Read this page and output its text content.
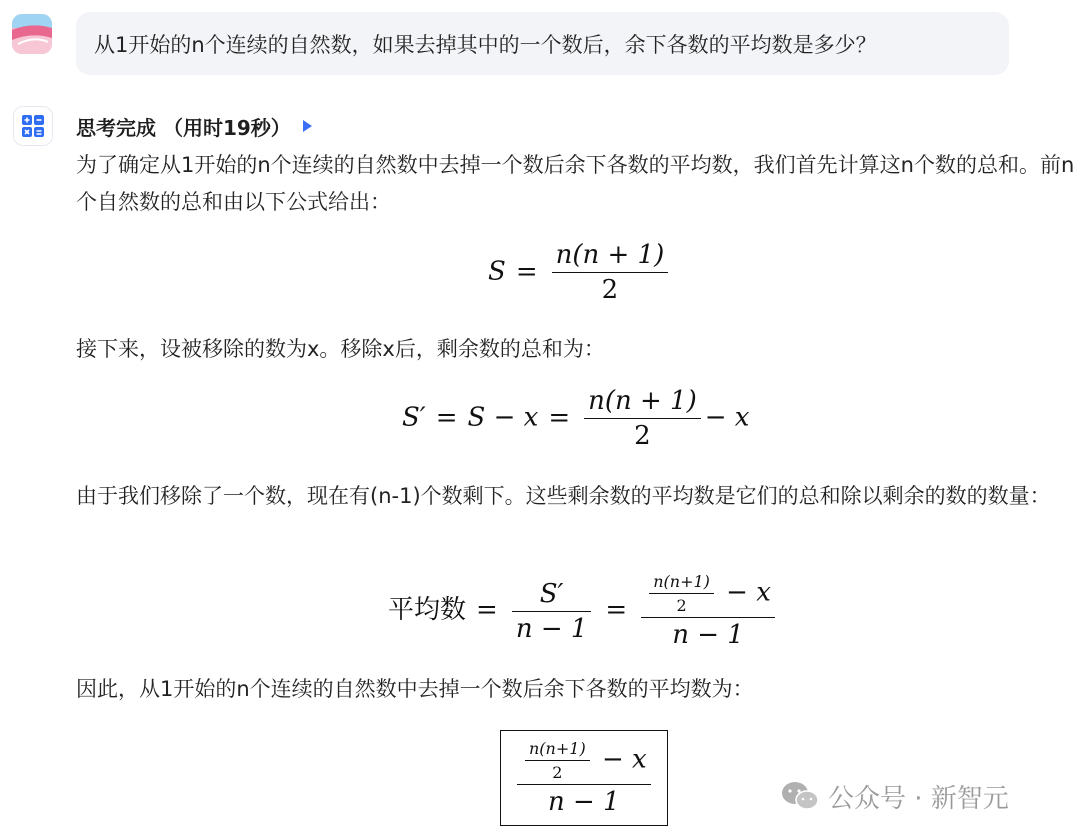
从1开始的n个连续的自然数，如果去掉其中的一个数后，余下各数的平均数是多少？
思考完成 （用时19秒）
为了确定从1开始的n个连续的自然数中去掉一个数后余下各数的平均数，我们首先计算这n个数的总和。前n个自然数的总和由以下公式给出：
$S = \frac{n(n + 1)}{2}$
接下来，设被移除的数为x。移除x后，剩余数的总和为：
$S' = S - x = \frac{n(n + 1)}{2} - x$
由于我们移除了一个数，现在有(n-1)个数剩下。这些剩余数的平均数是它们的总和除以剩余的数的数量：
平均数 = $\frac{S'}{n - 1} = \frac{\frac{n(n+1)}{2} - x}{n - 1}$
因此，从1开始的n个连续的自然数中去掉一个数后余下各数的平均数为：
$\frac{\frac{n(n+1)}{2} - x}{n - 1}$	公众号 · 新智元
